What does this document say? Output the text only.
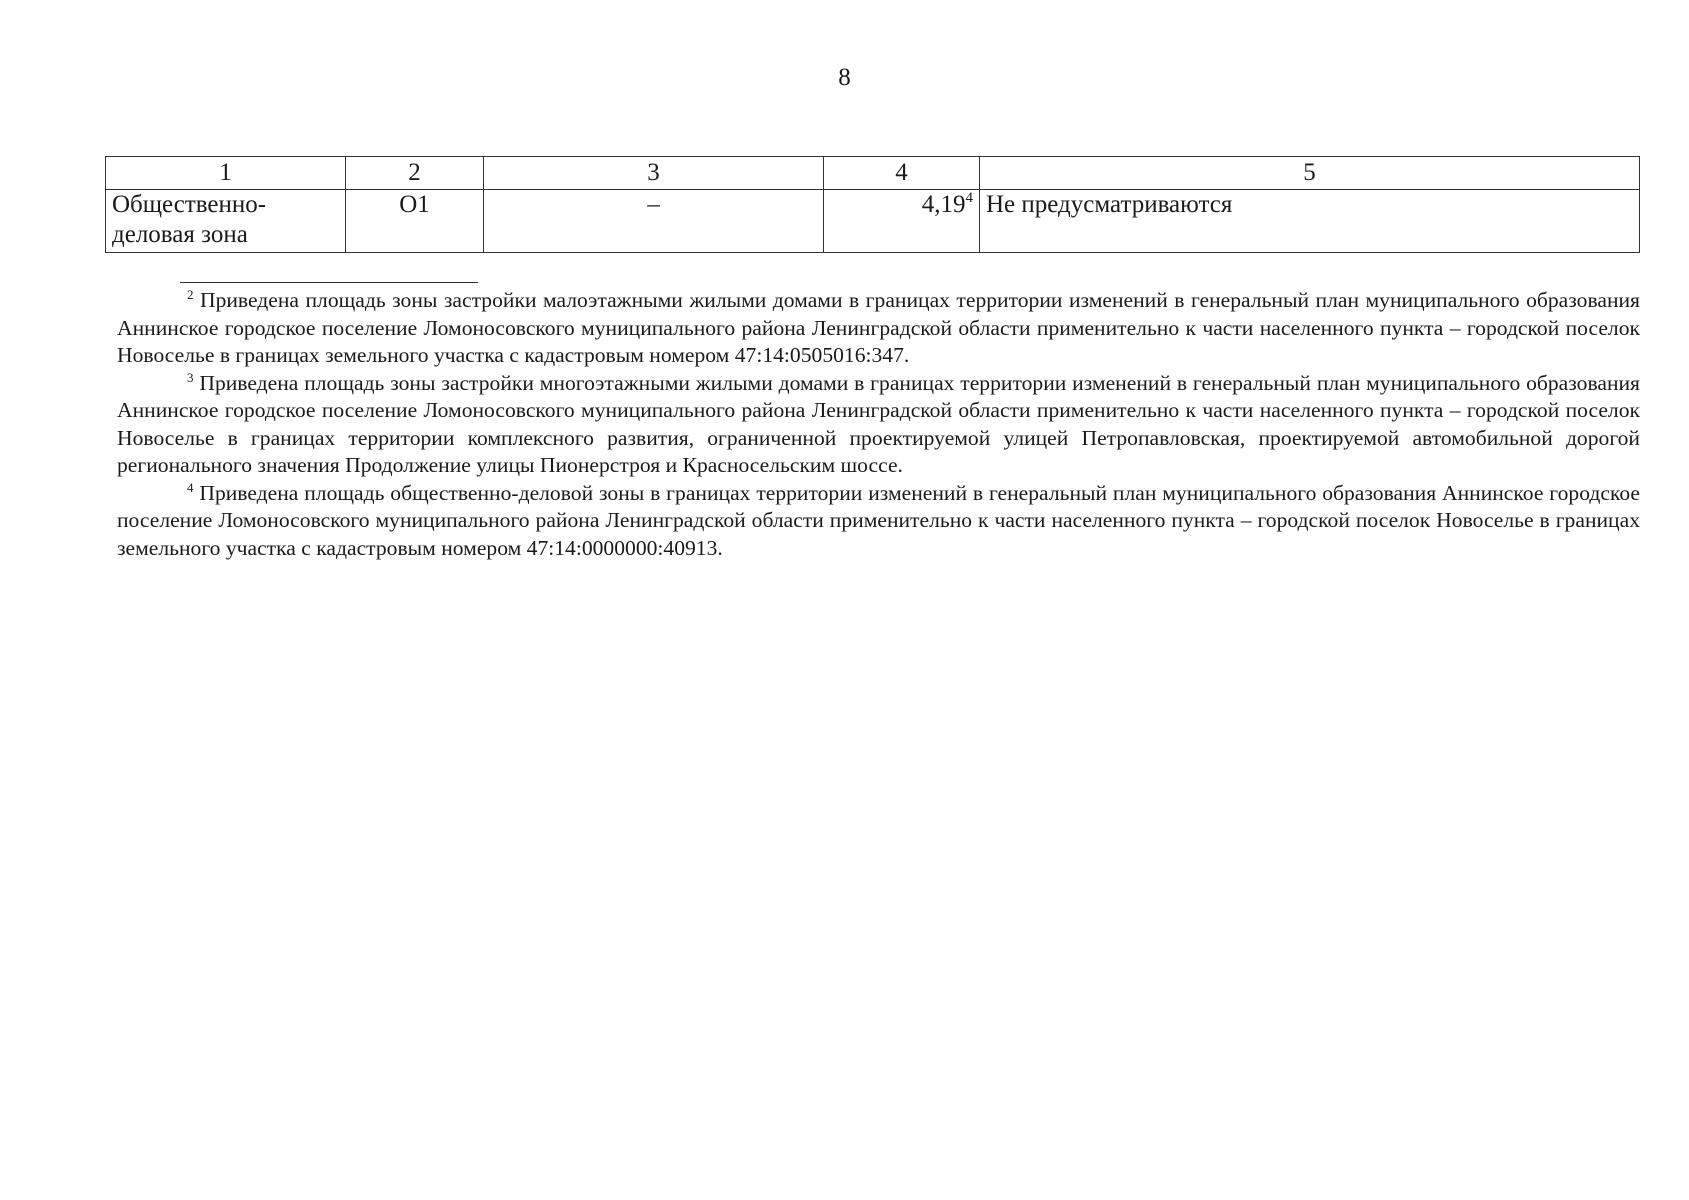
8
1	2	3	4	5
Общественно-деловая зона	О1	–	4,19$^4$	Не предусматриваются

$^2$ Приведена площадь зоны застройки малоэтажными жилыми домами в границах территории изменений в генеральный план муниципального образования Аннинское городское поселение Ломоносовского муниципального района Ленинградской области применительно к части населенного пункта – городской поселок Новоселье в границах земельного участка с кадастровым номером 47:14:0505016:347.

$^3$ Приведена площадь зоны застройки многоэтажными жилыми домами в границах территории изменений в генеральный план муниципального образования Аннинское городское поселение Ломоносовского муниципального района Ленинградской области применительно к части населенного пункта – городской поселок Новоселье в границах территории комплексного развития, ограниченной проектируемой улицей Петропавловская, проектируемой автомобильной дорогой регионального значения Продолжение улицы Пионерстроя и Красносельским шоссе.

$^4$ Приведена площадь общественно-деловой зоны в границах территории изменений в генеральный план муниципального образования Аннинское городское поселение Ломоносовского муниципального района Ленинградской области применительно к части населенного пункта – городской поселок Новоселье в границах земельного участка с кадастровым номером 47:14:0000000:40913.
